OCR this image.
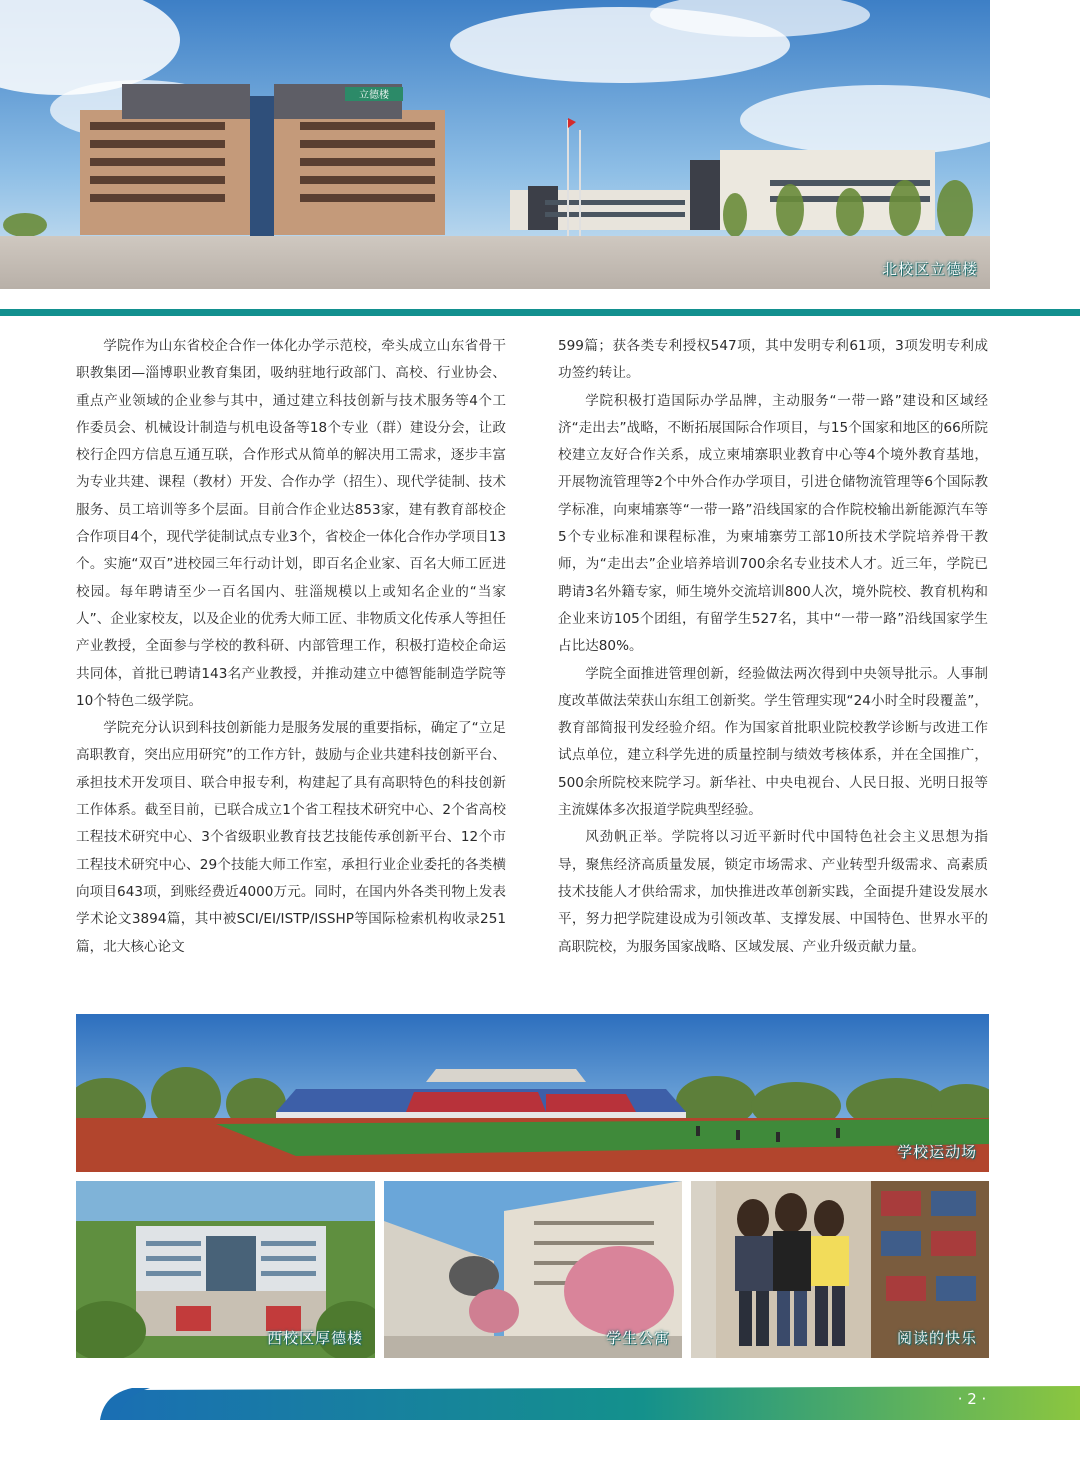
立德楼
北校区立德楼

学院作为山东省校企合作一体化办学示范校，牵头成立山东省骨干职教集团—淄博职业教育集团，吸纳驻地行政部门、高校、行业协会、重点产业领域的企业参与其中，通过建立科技创新与技术服务等4个工作委员会、机械设计制造与机电设备等18个专业（群）建设分会，让政校行企四方信息互通互联，合作形式从简单的解决用工需求，逐步丰富为专业共建、课程（教材）开发、合作办学（招生）、现代学徒制、技术服务、员工培训等多个层面。目前合作企业达853家，建有教育部校企合作项目4个，现代学徒制试点专业3个，省校企一体化合作办学项目13个。实施“双百”进校园三年行动计划，即百名企业家、百名大师工匠进校园。每年聘请至少一百名国内、驻淄规模以上或知名企业的“当家人”、企业家校友，以及企业的优秀大师工匠、非物质文化传承人等担任产业教授，全面参与学校的教科研、内部管理工作，积极打造校企命运共同体，首批已聘请143名产业教授，并推动建立中德智能制造学院等10个特色二级学院。

学院充分认识到科技创新能力是服务发展的重要指标，确定了“立足高职教育，突出应用研究”的工作方针，鼓励与企业共建科技创新平台、承担技术开发项目、联合申报专利，构建起了具有高职特色的科技创新工作体系。截至目前，已联合成立1个省工程技术研究中心、2个省高校工程技术研究中心、3个省级职业教育技艺技能传承创新平台、12个市工程技术研究中心、29个技能大师工作室，承担行业企业委托的各类横向项目643项，到账经费近4000万元。同时，在国内外各类刊物上发表学术论文3894篇，其中被SCI/EI/ISTP/ISSHP等国际检索机构收录251篇，北大核心论文

599篇；获各类专利授权547项，其中发明专利61项，3项发明专利成功签约转让。

学院积极打造国际办学品牌，主动服务“一带一路”建设和区域经济“走出去”战略，不断拓展国际合作项目，与15个国家和地区的66所院校建立友好合作关系，成立柬埔寨职业教育中心等4个境外教育基地，开展物流管理等2个中外合作办学项目，引进仓储物流管理等6个国际教学标准，向柬埔寨等“一带一路”沿线国家的合作院校输出新能源汽车等5个专业标准和课程标准，为柬埔寨劳工部10所技术学院培养骨干教师，为“走出去”企业培养培训700余名专业技术人才。近三年，学院已聘请3名外籍专家，师生境外交流培训800人次，境外院校、教育机构和企业来访105个团组，有留学生527名，其中“一带一路”沿线国家学生占比达80%。

学院全面推进管理创新，经验做法两次得到中央领导批示。人事制度改革做法荣获山东组工创新奖。学生管理实现“24小时全时段覆盖”，教育部简报刊发经验介绍。作为国家首批职业院校教学诊断与改进工作试点单位，建立科学先进的质量控制与绩效考核体系，并在全国推广，500余所院校来院学习。新华社、中央电视台、人民日报、光明日报等主流媒体多次报道学院典型经验。

风劲帆正举。学院将以习近平新时代中国特色社会主义思想为指导，聚焦经济高质量发展，锁定市场需求、产业转型升级需求、高素质技术技能人才供给需求，加快推进改革创新实践，全面提升建设发展水平，努力把学院建设成为引领改革、支撑发展、中国特色、世界水平的高职院校，为服务国家战略、区域发展、产业升级贡献力量。

学校运动场
西校区厚德楼	学生公寓	阅读的快乐
· 2 ·
